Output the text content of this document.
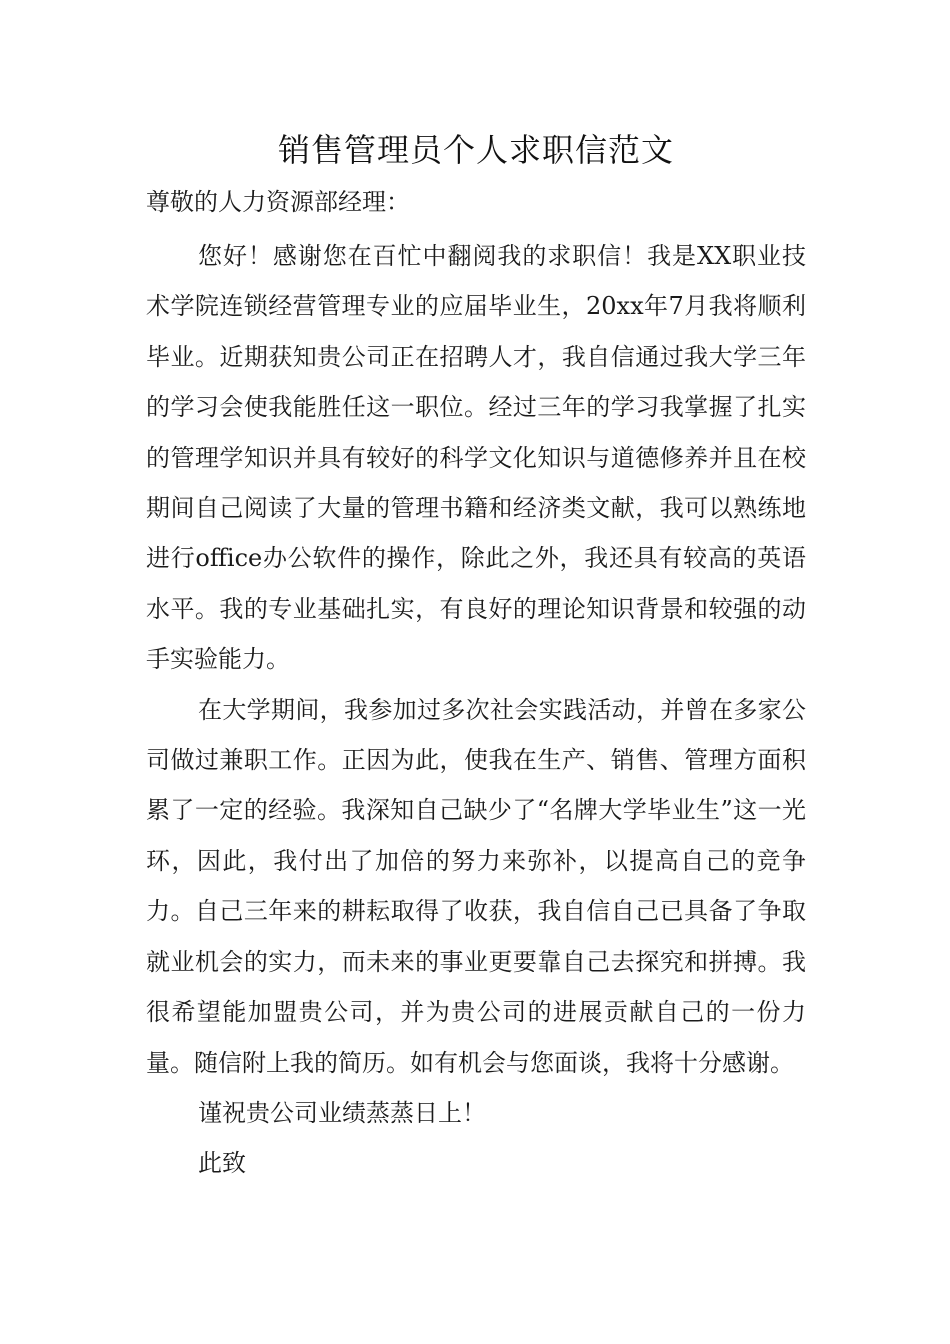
销售管理员个人求职信范文

尊敬的人力资源部经理：

您好！感谢您在百忙中翻阅我的求职信！我是XX职业技术学院连锁经营管理专业的应届毕业生，20xx年7月我将顺利毕业。近期获知贵公司正在招聘人才，我自信通过我大学三年的学习会使我能胜任这一职位。经过三年的学习我掌握了扎实的管理学知识并具有较好的科学文化知识与道德修养并且在校期间自己阅读了大量的管理书籍和经济类文献，我可以熟练地进行office办公软件的操作，除此之外，我还具有较高的英语水平。我的专业基础扎实，有良好的理论知识背景和较强的动手实验能力。

在大学期间，我参加过多次社会实践活动，并曾在多家公司做过兼职工作。正因为此，使我在生产、销售、管理方面积累了一定的经验。我深知自己缺少了“名牌大学毕业生”这一光环，因此，我付出了加倍的努力来弥补，以提高自己的竞争力。自己三年来的耕耘取得了收获，我自信自己已具备了争取就业机会的实力，而未来的事业更要靠自己去探究和拼搏。我很希望能加盟贵公司，并为贵公司的进展贡献自己的一份力量。随信附上我的简历。如有机会与您面谈，我将十分感谢。

谨祝贵公司业绩蒸蒸日上！

此致
